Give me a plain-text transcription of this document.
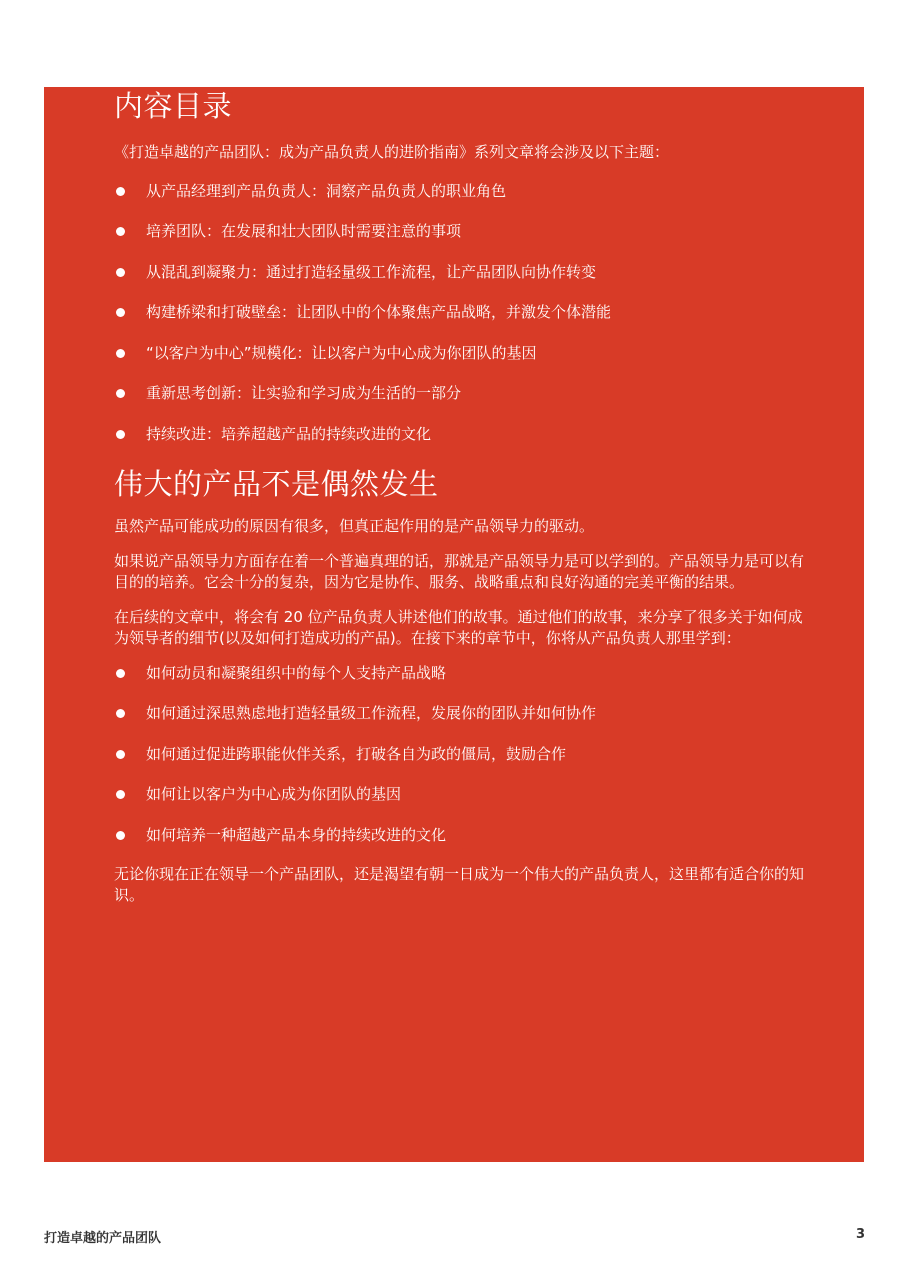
内容目录

《打造卓越的产品团队：成为产品负责人的进阶指南》系列文章将会涉及以下主题：

从产品经理到产品负责人：洞察产品负责人的职业角色
培养团队：在发展和壮大团队时需要注意的事项
从混乱到凝聚力：通过打造轻量级工作流程，让产品团队向协作转变
构建桥梁和打破壁垒：让团队中的个体聚焦产品战略，并激发个体潜能
“以客户为中心”规模化：让以客户为中心成为你团队的基因
重新思考创新：让实验和学习成为生活的一部分
持续改进：培养超越产品的持续改进的文化
伟大的产品不是偶然发生

虽然产品可能成功的原因有很多，但真正起作用的是产品领导力的驱动。

如果说产品领导力方面存在着一个普遍真理的话，那就是产品领导力是可以学到的。产品领导力是可以有目的的培养。它会十分的复杂，因为它是协作、服务、战略重点和良好沟通的完美平衡的结果。

在后续的文章中，将会有 20 位产品负责人讲述他们的故事。通过他们的故事，来分享了很多关于如何成为领导者的细节(以及如何打造成功的产品)。在接下来的章节中，你将从产品负责人那里学到：

如何动员和凝聚组织中的每个人支持产品战略
如何通过深思熟虑地打造轻量级工作流程，发展你的团队并如何协作
如何通过促进跨职能伙伴关系，打破各自为政的僵局，鼓励合作
如何让以客户为中心成为你团队的基因
如何培养一种超越产品本身的持续改进的文化

无论你现在正在领导一个产品团队，还是渴望有朝一日成为一个伟大的产品负责人，这里都有适合你的知识。

打造卓越的产品团队	3
